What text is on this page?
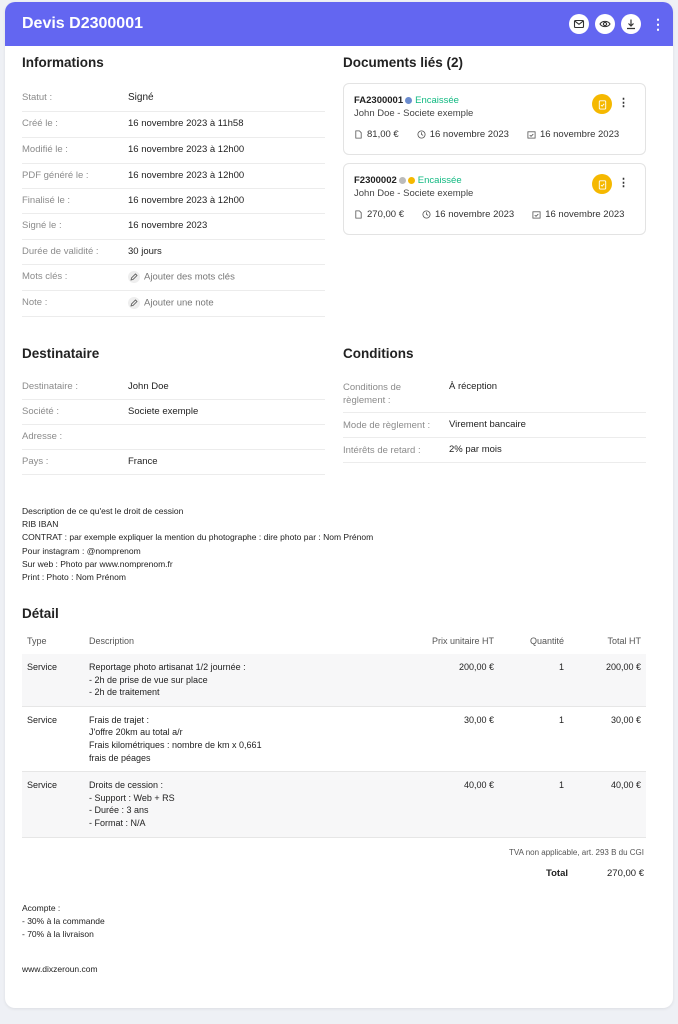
Devis D2300001	⋮
Informations
Statut :	Signé
Créé le :	16 novembre 2023 à 11h58
Modifié le :	16 novembre 2023 à 12h00
PDF généré le :	16 novembre 2023 à 12h00
Finalisé le :	16 novembre 2023 à 12h00
Signé le :	16 novembre 2023
Durée de validité :	30 jours
Mots clés :	Ajouter des mots clés
Note :	Ajouter une note
Documents liés (2)
FA2300001 Encaissée
John Doe - Societe exemple
81,00 €	16 novembre 2023	16 novembre 2023
⋮
F2300002 Encaissée
John Doe - Societe exemple
270,00 €	16 novembre 2023	16 novembre 2023
⋮
Destinataire
Destinataire :	John Doe
Société :	Societe exemple
Adresse :
Pays :	France
Conditions
Conditions de règlement :
À réception
Mode de règlement :	Virement bancaire
Intérêts de retard :	2% par mois
Description de ce qu'est le droit de cession
RIB IBAN
CONTRAT : par exemple expliquer la mention du photographe : dire photo par : Nom Prénom
Pour instagram : @nomprenom
Sur web : Photo par www.nomprenom.fr
Print : Photo : Nom Prénom
Détail
Type	Description	Prix unitaire HT	Quantité	Total HT
Service	Reportage photo artisanat 1/2 journée :
- 2h de prise de vue sur place
- 2h de traitement	200,00 €	1	200,00 €
Service	Frais de trajet :
J'offre 20km au total a/r
Frais kilométriques : nombre de km x 0,661
frais de péages	30,00 €	1	30,00 €
Service	Droits de cession :
- Support : Web + RS
- Durée : 3 ans
- Format : N/A	40,00 €	1	40,00 €
TVA non applicable, art. 293 B du CGI
Total	270,00 €
Acompte :
- 30% à la commande
- 70% à la livraison
www.dixzeroun.com
